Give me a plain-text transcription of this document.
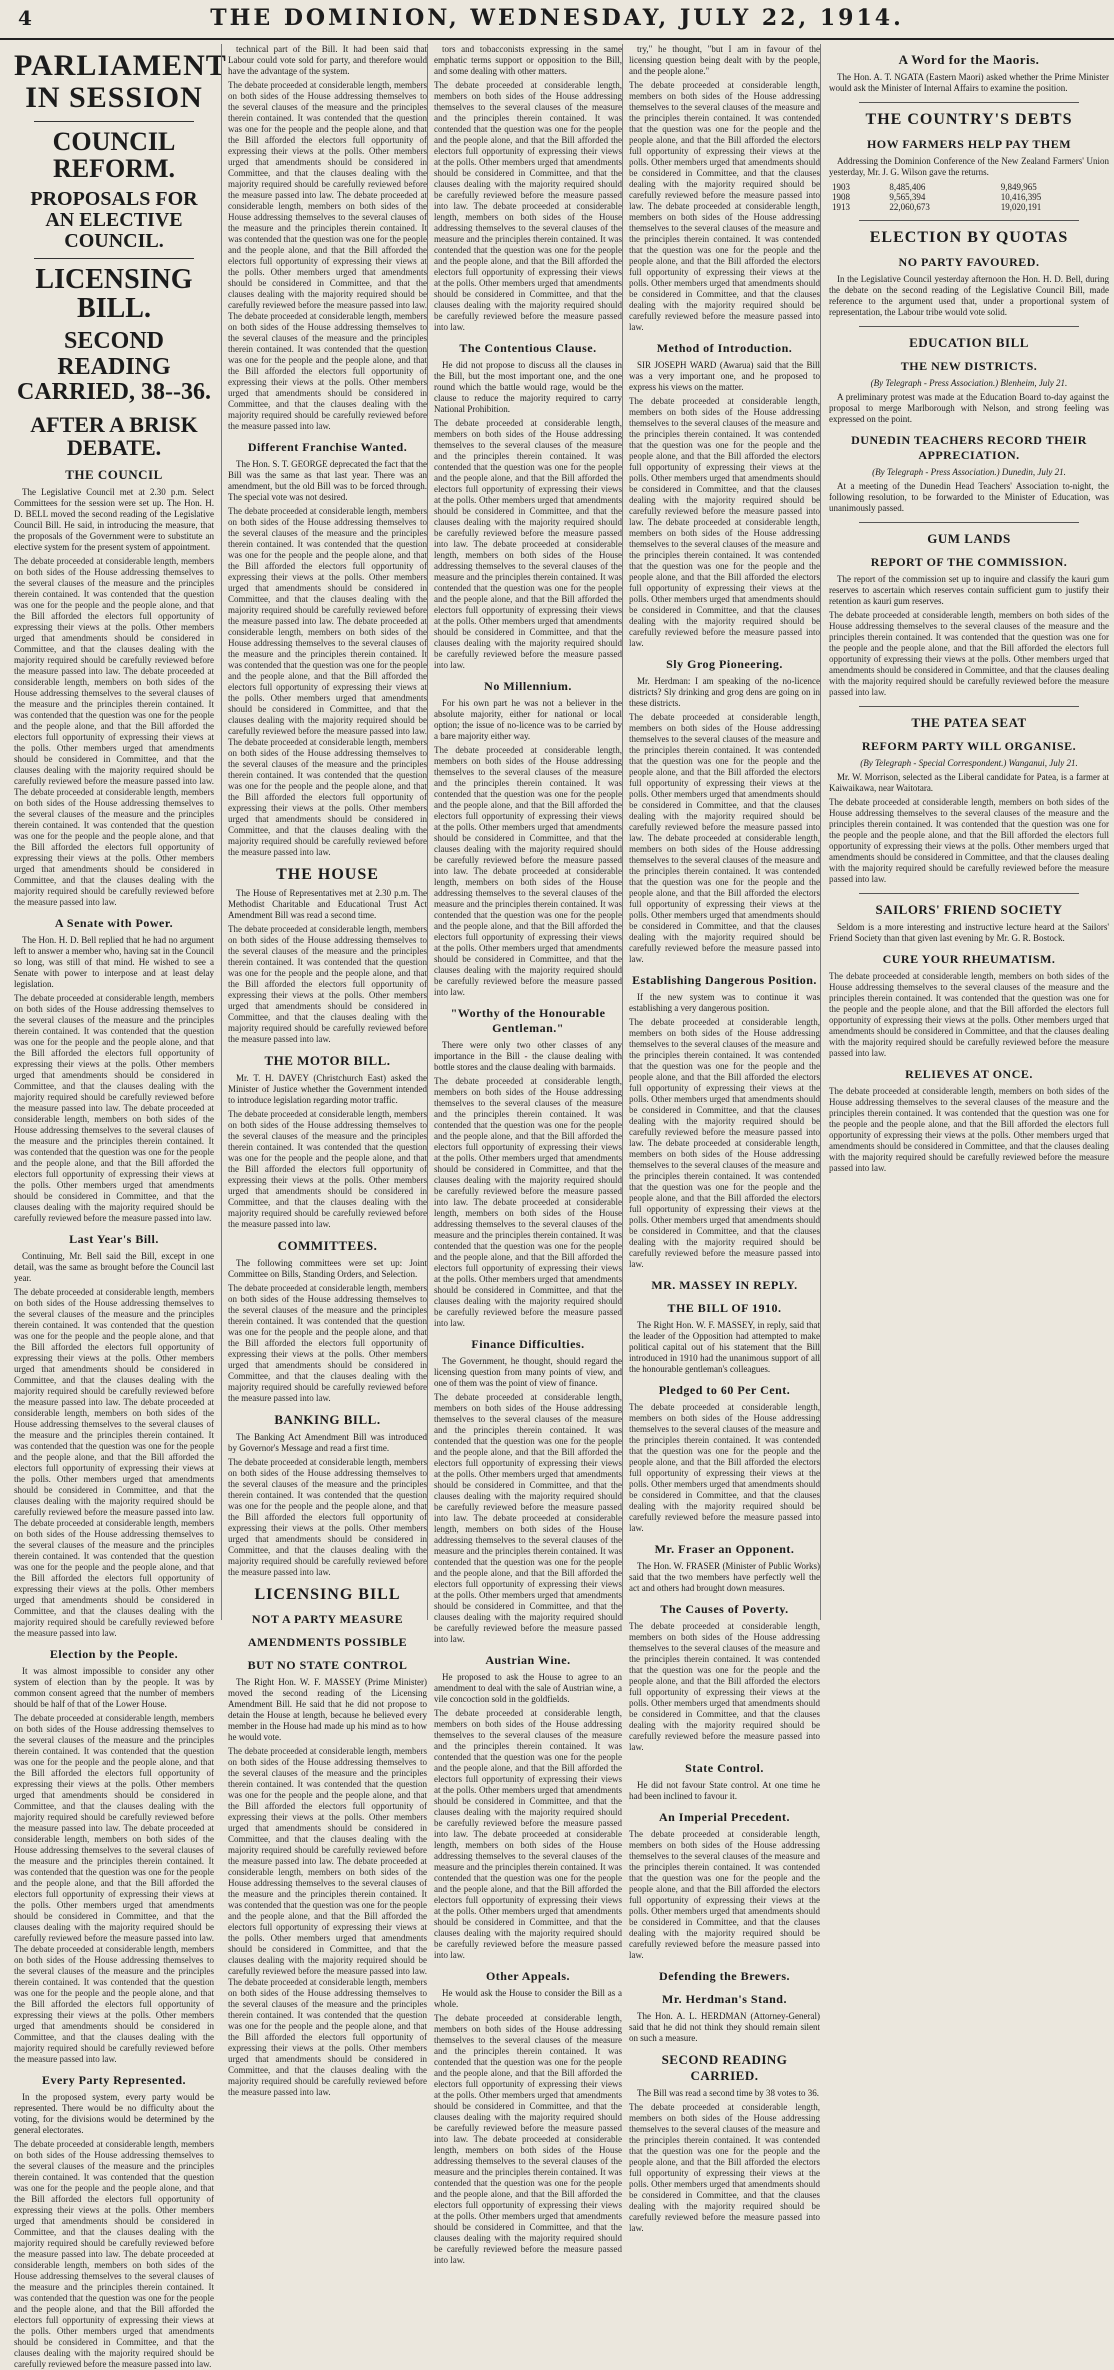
4	THE DOMINION, WEDNESDAY, JULY 22, 1914.
PARLIAMENT IN SESSION
COUNCIL REFORM.
PROPOSALS FOR AN ELECTIVE COUNCIL.
LICENSING BILL.
SECOND READING CARRIED, 38--36.
AFTER A BRISK DEBATE.
THE COUNCIL

The Legislative Council met at 2.30 p.m. Select Committees for the session were set up. The Hon. H. D. BELL moved the second reading of the Legislative Council Bill. He said, in introducing the measure, that the proposals of the Government were to substitute an elective system for the present system of appointment.

The debate proceeded at considerable length, members on both sides of the House addressing themselves to the several clauses of the measure and the principles therein contained. It was contended that the question was one for the people and the people alone, and that the Bill afforded the electors full opportunity of expressing their views at the polls. Other members urged that amendments should be considered in Committee, and that the clauses dealing with the majority required should be carefully reviewed before the measure passed into law. The debate proceeded at considerable length, members on both sides of the House addressing themselves to the several clauses of the measure and the principles therein contained. It was contended that the question was one for the people and the people alone, and that the Bill afforded the electors full opportunity of expressing their views at the polls. Other members urged that amendments should be considered in Committee, and that the clauses dealing with the majority required should be carefully reviewed before the measure passed into law. The debate proceeded at considerable length, members on both sides of the House addressing themselves to the several clauses of the measure and the principles therein contained. It was contended that the question was one for the people and the people alone, and that the Bill afforded the electors full opportunity of expressing their views at the polls. Other members urged that amendments should be considered in Committee, and that the clauses dealing with the majority required should be carefully reviewed before the measure passed into law.
A Senate with Power.

The Hon. H. D. Bell replied that he had no argument left to answer a member who, having sat in the Council so long, was still of that mind. He wished to see a Senate with power to interpose and at least delay legislation.

The debate proceeded at considerable length, members on both sides of the House addressing themselves to the several clauses of the measure and the principles therein contained. It was contended that the question was one for the people and the people alone, and that the Bill afforded the electors full opportunity of expressing their views at the polls. Other members urged that amendments should be considered in Committee, and that the clauses dealing with the majority required should be carefully reviewed before the measure passed into law. The debate proceeded at considerable length, members on both sides of the House addressing themselves to the several clauses of the measure and the principles therein contained. It was contended that the question was one for the people and the people alone, and that the Bill afforded the electors full opportunity of expressing their views at the polls. Other members urged that amendments should be considered in Committee, and that the clauses dealing with the majority required should be carefully reviewed before the measure passed into law.
Last Year's Bill.

Continuing, Mr. Bell said the Bill, except in one detail, was the same as brought before the Council last year.

The debate proceeded at considerable length, members on both sides of the House addressing themselves to the several clauses of the measure and the principles therein contained. It was contended that the question was one for the people and the people alone, and that the Bill afforded the electors full opportunity of expressing their views at the polls. Other members urged that amendments should be considered in Committee, and that the clauses dealing with the majority required should be carefully reviewed before the measure passed into law. The debate proceeded at considerable length, members on both sides of the House addressing themselves to the several clauses of the measure and the principles therein contained. It was contended that the question was one for the people and the people alone, and that the Bill afforded the electors full opportunity of expressing their views at the polls. Other members urged that amendments should be considered in Committee, and that the clauses dealing with the majority required should be carefully reviewed before the measure passed into law. The debate proceeded at considerable length, members on both sides of the House addressing themselves to the several clauses of the measure and the principles therein contained. It was contended that the question was one for the people and the people alone, and that the Bill afforded the electors full opportunity of expressing their views at the polls. Other members urged that amendments should be considered in Committee, and that the clauses dealing with the majority required should be carefully reviewed before the measure passed into law.
Election by the People.

It was almost impossible to consider any other system of election than by the people. It was by common consent agreed that the number of members should be half of that of the Lower House.

The debate proceeded at considerable length, members on both sides of the House addressing themselves to the several clauses of the measure and the principles therein contained. It was contended that the question was one for the people and the people alone, and that the Bill afforded the electors full opportunity of expressing their views at the polls. Other members urged that amendments should be considered in Committee, and that the clauses dealing with the majority required should be carefully reviewed before the measure passed into law. The debate proceeded at considerable length, members on both sides of the House addressing themselves to the several clauses of the measure and the principles therein contained. It was contended that the question was one for the people and the people alone, and that the Bill afforded the electors full opportunity of expressing their views at the polls. Other members urged that amendments should be considered in Committee, and that the clauses dealing with the majority required should be carefully reviewed before the measure passed into law. The debate proceeded at considerable length, members on both sides of the House addressing themselves to the several clauses of the measure and the principles therein contained. It was contended that the question was one for the people and the people alone, and that the Bill afforded the electors full opportunity of expressing their views at the polls. Other members urged that amendments should be considered in Committee, and that the clauses dealing with the majority required should be carefully reviewed before the measure passed into law.
Every Party Represented.

In the proposed system, every party would be represented. There would be no difficulty about the voting, for the divisions would be determined by the general electorates.

The debate proceeded at considerable length, members on both sides of the House addressing themselves to the several clauses of the measure and the principles therein contained. It was contended that the question was one for the people and the people alone, and that the Bill afforded the electors full opportunity of expressing their views at the polls. Other members urged that amendments should be considered in Committee, and that the clauses dealing with the majority required should be carefully reviewed before the measure passed into law. The debate proceeded at considerable length, members on both sides of the House addressing themselves to the several clauses of the measure and the principles therein contained. It was contended that the question was one for the people and the people alone, and that the Bill afforded the electors full opportunity of expressing their views at the polls. Other members urged that amendments should be considered in Committee, and that the clauses dealing with the majority required should be carefully reviewed before the measure passed into law.

technical part of the Bill. It had been said that Labour could vote sold for party, and therefore would have the advantage of the system.

The debate proceeded at considerable length, members on both sides of the House addressing themselves to the several clauses of the measure and the principles therein contained. It was contended that the question was one for the people and the people alone, and that the Bill afforded the electors full opportunity of expressing their views at the polls. Other members urged that amendments should be considered in Committee, and that the clauses dealing with the majority required should be carefully reviewed before the measure passed into law. The debate proceeded at considerable length, members on both sides of the House addressing themselves to the several clauses of the measure and the principles therein contained. It was contended that the question was one for the people and the people alone, and that the Bill afforded the electors full opportunity of expressing their views at the polls. Other members urged that amendments should be considered in Committee, and that the clauses dealing with the majority required should be carefully reviewed before the measure passed into law. The debate proceeded at considerable length, members on both sides of the House addressing themselves to the several clauses of the measure and the principles therein contained. It was contended that the question was one for the people and the people alone, and that the Bill afforded the electors full opportunity of expressing their views at the polls. Other members urged that amendments should be considered in Committee, and that the clauses dealing with the majority required should be carefully reviewed before the measure passed into law.
Different Franchise Wanted.

The Hon. S. T. GEORGE deprecated the fact that the Bill was the same as that last year. There was an amendment, but the old Bill was to be forced through. The special vote was not desired.

The debate proceeded at considerable length, members on both sides of the House addressing themselves to the several clauses of the measure and the principles therein contained. It was contended that the question was one for the people and the people alone, and that the Bill afforded the electors full opportunity of expressing their views at the polls. Other members urged that amendments should be considered in Committee, and that the clauses dealing with the majority required should be carefully reviewed before the measure passed into law. The debate proceeded at considerable length, members on both sides of the House addressing themselves to the several clauses of the measure and the principles therein contained. It was contended that the question was one for the people and the people alone, and that the Bill afforded the electors full opportunity of expressing their views at the polls. Other members urged that amendments should be considered in Committee, and that the clauses dealing with the majority required should be carefully reviewed before the measure passed into law. The debate proceeded at considerable length, members on both sides of the House addressing themselves to the several clauses of the measure and the principles therein contained. It was contended that the question was one for the people and the people alone, and that the Bill afforded the electors full opportunity of expressing their views at the polls. Other members urged that amendments should be considered in Committee, and that the clauses dealing with the majority required should be carefully reviewed before the measure passed into law.
THE HOUSE

The House of Representatives met at 2.30 p.m. The Methodist Charitable and Educational Trust Act Amendment Bill was read a second time.

The debate proceeded at considerable length, members on both sides of the House addressing themselves to the several clauses of the measure and the principles therein contained. It was contended that the question was one for the people and the people alone, and that the Bill afforded the electors full opportunity of expressing their views at the polls. Other members urged that amendments should be considered in Committee, and that the clauses dealing with the majority required should be carefully reviewed before the measure passed into law.
THE MOTOR BILL.

Mr. T. H. DAVEY (Christchurch East) asked the Minister of Justice whether the Government intended to introduce legislation regarding motor traffic.

The debate proceeded at considerable length, members on both sides of the House addressing themselves to the several clauses of the measure and the principles therein contained. It was contended that the question was one for the people and the people alone, and that the Bill afforded the electors full opportunity of expressing their views at the polls. Other members urged that amendments should be considered in Committee, and that the clauses dealing with the majority required should be carefully reviewed before the measure passed into law.
COMMITTEES.

The following committees were set up: Joint Committee on Bills, Standing Orders, and Selection.

The debate proceeded at considerable length, members on both sides of the House addressing themselves to the several clauses of the measure and the principles therein contained. It was contended that the question was one for the people and the people alone, and that the Bill afforded the electors full opportunity of expressing their views at the polls. Other members urged that amendments should be considered in Committee, and that the clauses dealing with the majority required should be carefully reviewed before the measure passed into law.
BANKING BILL.

The Banking Act Amendment Bill was introduced by Governor's Message and read a first time.

The debate proceeded at considerable length, members on both sides of the House addressing themselves to the several clauses of the measure and the principles therein contained. It was contended that the question was one for the people and the people alone, and that the Bill afforded the electors full opportunity of expressing their views at the polls. Other members urged that amendments should be considered in Committee, and that the clauses dealing with the majority required should be carefully reviewed before the measure passed into law.
LICENSING BILL
NOT A PARTY MEASURE
AMENDMENTS POSSIBLE
BUT NO STATE CONTROL

The Right Hon. W. F. MASSEY (Prime Minister) moved the second reading of the Licensing Amendment Bill. He said that he did not propose to detain the House at length, because he believed every member in the House had made up his mind as to how he would vote.

The debate proceeded at considerable length, members on both sides of the House addressing themselves to the several clauses of the measure and the principles therein contained. It was contended that the question was one for the people and the people alone, and that the Bill afforded the electors full opportunity of expressing their views at the polls. Other members urged that amendments should be considered in Committee, and that the clauses dealing with the majority required should be carefully reviewed before the measure passed into law. The debate proceeded at considerable length, members on both sides of the House addressing themselves to the several clauses of the measure and the principles therein contained. It was contended that the question was one for the people and the people alone, and that the Bill afforded the electors full opportunity of expressing their views at the polls. Other members urged that amendments should be considered in Committee, and that the clauses dealing with the majority required should be carefully reviewed before the measure passed into law. The debate proceeded at considerable length, members on both sides of the House addressing themselves to the several clauses of the measure and the principles therein contained. It was contended that the question was one for the people and the people alone, and that the Bill afforded the electors full opportunity of expressing their views at the polls. Other members urged that amendments should be considered in Committee, and that the clauses dealing with the majority required should be carefully reviewed before the measure passed into law.

tors and tobacconists expressing in the same emphatic terms support or opposition to the Bill, and some dealing with other matters.

The debate proceeded at considerable length, members on both sides of the House addressing themselves to the several clauses of the measure and the principles therein contained. It was contended that the question was one for the people and the people alone, and that the Bill afforded the electors full opportunity of expressing their views at the polls. Other members urged that amendments should be considered in Committee, and that the clauses dealing with the majority required should be carefully reviewed before the measure passed into law. The debate proceeded at considerable length, members on both sides of the House addressing themselves to the several clauses of the measure and the principles therein contained. It was contended that the question was one for the people and the people alone, and that the Bill afforded the electors full opportunity of expressing their views at the polls. Other members urged that amendments should be considered in Committee, and that the clauses dealing with the majority required should be carefully reviewed before the measure passed into law.
The Contentious Clause.

He did not propose to discuss all the clauses in the Bill, but the most important one, and the one round which the battle would rage, would be the clause to reduce the majority required to carry National Prohibition.

The debate proceeded at considerable length, members on both sides of the House addressing themselves to the several clauses of the measure and the principles therein contained. It was contended that the question was one for the people and the people alone, and that the Bill afforded the electors full opportunity of expressing their views at the polls. Other members urged that amendments should be considered in Committee, and that the clauses dealing with the majority required should be carefully reviewed before the measure passed into law. The debate proceeded at considerable length, members on both sides of the House addressing themselves to the several clauses of the measure and the principles therein contained. It was contended that the question was one for the people and the people alone, and that the Bill afforded the electors full opportunity of expressing their views at the polls. Other members urged that amendments should be considered in Committee, and that the clauses dealing with the majority required should be carefully reviewed before the measure passed into law.
No Millennium.

For his own part he was not a believer in the absolute majority, either for national or local option; the issue of no-licence was to be carried by a bare majority either way.

The debate proceeded at considerable length, members on both sides of the House addressing themselves to the several clauses of the measure and the principles therein contained. It was contended that the question was one for the people and the people alone, and that the Bill afforded the electors full opportunity of expressing their views at the polls. Other members urged that amendments should be considered in Committee, and that the clauses dealing with the majority required should be carefully reviewed before the measure passed into law. The debate proceeded at considerable length, members on both sides of the House addressing themselves to the several clauses of the measure and the principles therein contained. It was contended that the question was one for the people and the people alone, and that the Bill afforded the electors full opportunity of expressing their views at the polls. Other members urged that amendments should be considered in Committee, and that the clauses dealing with the majority required should be carefully reviewed before the measure passed into law.
"Worthy of the Honourable Gentleman."

There were only two other classes of any importance in the Bill - the clause dealing with bottle stores and the clause dealing with barmaids.

The debate proceeded at considerable length, members on both sides of the House addressing themselves to the several clauses of the measure and the principles therein contained. It was contended that the question was one for the people and the people alone, and that the Bill afforded the electors full opportunity of expressing their views at the polls. Other members urged that amendments should be considered in Committee, and that the clauses dealing with the majority required should be carefully reviewed before the measure passed into law. The debate proceeded at considerable length, members on both sides of the House addressing themselves to the several clauses of the measure and the principles therein contained. It was contended that the question was one for the people and the people alone, and that the Bill afforded the electors full opportunity of expressing their views at the polls. Other members urged that amendments should be considered in Committee, and that the clauses dealing with the majority required should be carefully reviewed before the measure passed into law.
Finance Difficulties.

The Government, he thought, should regard the licensing question from many points of view, and one of them was the point of view of finance.

The debate proceeded at considerable length, members on both sides of the House addressing themselves to the several clauses of the measure and the principles therein contained. It was contended that the question was one for the people and the people alone, and that the Bill afforded the electors full opportunity of expressing their views at the polls. Other members urged that amendments should be considered in Committee, and that the clauses dealing with the majority required should be carefully reviewed before the measure passed into law. The debate proceeded at considerable length, members on both sides of the House addressing themselves to the several clauses of the measure and the principles therein contained. It was contended that the question was one for the people and the people alone, and that the Bill afforded the electors full opportunity of expressing their views at the polls. Other members urged that amendments should be considered in Committee, and that the clauses dealing with the majority required should be carefully reviewed before the measure passed into law.
Austrian Wine.

He proposed to ask the House to agree to an amendment to deal with the sale of Austrian wine, a vile concoction sold in the goldfields.

The debate proceeded at considerable length, members on both sides of the House addressing themselves to the several clauses of the measure and the principles therein contained. It was contended that the question was one for the people and the people alone, and that the Bill afforded the electors full opportunity of expressing their views at the polls. Other members urged that amendments should be considered in Committee, and that the clauses dealing with the majority required should be carefully reviewed before the measure passed into law. The debate proceeded at considerable length, members on both sides of the House addressing themselves to the several clauses of the measure and the principles therein contained. It was contended that the question was one for the people and the people alone, and that the Bill afforded the electors full opportunity of expressing their views at the polls. Other members urged that amendments should be considered in Committee, and that the clauses dealing with the majority required should be carefully reviewed before the measure passed into law.
Other Appeals.

He would ask the House to consider the Bill as a whole.

The debate proceeded at considerable length, members on both sides of the House addressing themselves to the several clauses of the measure and the principles therein contained. It was contended that the question was one for the people and the people alone, and that the Bill afforded the electors full opportunity of expressing their views at the polls. Other members urged that amendments should be considered in Committee, and that the clauses dealing with the majority required should be carefully reviewed before the measure passed into law. The debate proceeded at considerable length, members on both sides of the House addressing themselves to the several clauses of the measure and the principles therein contained. It was contended that the question was one for the people and the people alone, and that the Bill afforded the electors full opportunity of expressing their views at the polls. Other members urged that amendments should be considered in Committee, and that the clauses dealing with the majority required should be carefully reviewed before the measure passed into law.

try," he thought, "but I am in favour of the licensing question being dealt with by the people, and the people alone."

The debate proceeded at considerable length, members on both sides of the House addressing themselves to the several clauses of the measure and the principles therein contained. It was contended that the question was one for the people and the people alone, and that the Bill afforded the electors full opportunity of expressing their views at the polls. Other members urged that amendments should be considered in Committee, and that the clauses dealing with the majority required should be carefully reviewed before the measure passed into law. The debate proceeded at considerable length, members on both sides of the House addressing themselves to the several clauses of the measure and the principles therein contained. It was contended that the question was one for the people and the people alone, and that the Bill afforded the electors full opportunity of expressing their views at the polls. Other members urged that amendments should be considered in Committee, and that the clauses dealing with the majority required should be carefully reviewed before the measure passed into law.
Method of Introduction.

SIR JOSEPH WARD (Awarua) said that the Bill was a very important one, and he proposed to express his views on the matter.

The debate proceeded at considerable length, members on both sides of the House addressing themselves to the several clauses of the measure and the principles therein contained. It was contended that the question was one for the people and the people alone, and that the Bill afforded the electors full opportunity of expressing their views at the polls. Other members urged that amendments should be considered in Committee, and that the clauses dealing with the majority required should be carefully reviewed before the measure passed into law. The debate proceeded at considerable length, members on both sides of the House addressing themselves to the several clauses of the measure and the principles therein contained. It was contended that the question was one for the people and the people alone, and that the Bill afforded the electors full opportunity of expressing their views at the polls. Other members urged that amendments should be considered in Committee, and that the clauses dealing with the majority required should be carefully reviewed before the measure passed into law.
Sly Grog Pioneering.

Mr. Herdman: I am speaking of the no-licence districts? Sly drinking and grog dens are going on in these districts.

The debate proceeded at considerable length, members on both sides of the House addressing themselves to the several clauses of the measure and the principles therein contained. It was contended that the question was one for the people and the people alone, and that the Bill afforded the electors full opportunity of expressing their views at the polls. Other members urged that amendments should be considered in Committee, and that the clauses dealing with the majority required should be carefully reviewed before the measure passed into law. The debate proceeded at considerable length, members on both sides of the House addressing themselves to the several clauses of the measure and the principles therein contained. It was contended that the question was one for the people and the people alone, and that the Bill afforded the electors full opportunity of expressing their views at the polls. Other members urged that amendments should be considered in Committee, and that the clauses dealing with the majority required should be carefully reviewed before the measure passed into law.
Establishing Dangerous Position.

If the new system was to continue it was establishing a very dangerous position.

The debate proceeded at considerable length, members on both sides of the House addressing themselves to the several clauses of the measure and the principles therein contained. It was contended that the question was one for the people and the people alone, and that the Bill afforded the electors full opportunity of expressing their views at the polls. Other members urged that amendments should be considered in Committee, and that the clauses dealing with the majority required should be carefully reviewed before the measure passed into law. The debate proceeded at considerable length, members on both sides of the House addressing themselves to the several clauses of the measure and the principles therein contained. It was contended that the question was one for the people and the people alone, and that the Bill afforded the electors full opportunity of expressing their views at the polls. Other members urged that amendments should be considered in Committee, and that the clauses dealing with the majority required should be carefully reviewed before the measure passed into law.
MR. MASSEY IN REPLY.
THE BILL OF 1910.

The Right Hon. W. F. MASSEY, in reply, said that the leader of the Opposition had attempted to make political capital out of his statement that the Bill introduced in 1910 had the unanimous support of all the honourable gentleman's colleagues.

Pledged to 60 Per Cent.
The debate proceeded at considerable length, members on both sides of the House addressing themselves to the several clauses of the measure and the principles therein contained. It was contended that the question was one for the people and the people alone, and that the Bill afforded the electors full opportunity of expressing their views at the polls. Other members urged that amendments should be considered in Committee, and that the clauses dealing with the majority required should be carefully reviewed before the measure passed into law.
Mr. Fraser an Opponent.

The Hon. W. FRASER (Minister of Public Works) said that the two members have perfectly well the act and others had brought down measures.

The Causes of Poverty.
The debate proceeded at considerable length, members on both sides of the House addressing themselves to the several clauses of the measure and the principles therein contained. It was contended that the question was one for the people and the people alone, and that the Bill afforded the electors full opportunity of expressing their views at the polls. Other members urged that amendments should be considered in Committee, and that the clauses dealing with the majority required should be carefully reviewed before the measure passed into law.
State Control.

He did not favour State control. At one time he had been inclined to favour it.

An Imperial Precedent.
The debate proceeded at considerable length, members on both sides of the House addressing themselves to the several clauses of the measure and the principles therein contained. It was contended that the question was one for the people and the people alone, and that the Bill afforded the electors full opportunity of expressing their views at the polls. Other members urged that amendments should be considered in Committee, and that the clauses dealing with the majority required should be carefully reviewed before the measure passed into law.
Defending the Brewers.
Mr. Herdman's Stand.

The Hon. A. L. HERDMAN (Attorney-General) said that he did not think they should remain silent on such a measure.

SECOND READING CARRIED.

The Bill was read a second time by 38 votes to 36.

The debate proceeded at considerable length, members on both sides of the House addressing themselves to the several clauses of the measure and the principles therein contained. It was contended that the question was one for the people and the people alone, and that the Bill afforded the electors full opportunity of expressing their views at the polls. Other members urged that amendments should be considered in Committee, and that the clauses dealing with the majority required should be carefully reviewed before the measure passed into law.
A Word for the Maoris.

The Hon. A. T. NGATA (Eastern Maori) asked whether the Prime Minister would ask the Minister of Internal Affairs to examine the position.

THE COUNTRY'S DEBTS
HOW FARMERS HELP PAY THEM

Addressing the Dominion Conference of the New Zealand Farmers' Union yesterday, Mr. J. G. Wilson gave the returns.

1903	8,485,406	9,849,965
1908	9,565,394	10,416,395
1913	22,060,673	19,020,191
ELECTION BY QUOTAS
NO PARTY FAVOURED.

In the Legislative Council yesterday afternoon the Hon. H. D. Bell, during the debate on the second reading of the Legislative Council Bill, made reference to the argument used that, under a proportional system of representation, the Labour tribe would vote solid.

EDUCATION BILL
THE NEW DISTRICTS.
(By Telegraph - Press Association.) Blenheim, July 21.

A preliminary protest was made at the Education Board to-day against the proposal to merge Marlborough with Nelson, and strong feeling was expressed on the point.

DUNEDIN TEACHERS RECORD THEIR APPRECIATION.
(By Telegraph - Press Association.) Dunedin, July 21.

At a meeting of the Dunedin Head Teachers' Association to-night, the following resolution, to be forwarded to the Minister of Education, was unanimously passed.

GUM LANDS
REPORT OF THE COMMISSION.

The report of the commission set up to inquire and classify the kauri gum reserves to ascertain which reserves contain sufficient gum to justify their retention as kauri gum reserves.

The debate proceeded at considerable length, members on both sides of the House addressing themselves to the several clauses of the measure and the principles therein contained. It was contended that the question was one for the people and the people alone, and that the Bill afforded the electors full opportunity of expressing their views at the polls. Other members urged that amendments should be considered in Committee, and that the clauses dealing with the majority required should be carefully reviewed before the measure passed into law.
THE PATEA SEAT
REFORM PARTY WILL ORGANISE.
(By Telegraph - Special Correspondent.) Wanganui, July 21.

Mr. W. Morrison, selected as the Liberal candidate for Patea, is a farmer at Kaiwaikawa, near Waitotara.

The debate proceeded at considerable length, members on both sides of the House addressing themselves to the several clauses of the measure and the principles therein contained. It was contended that the question was one for the people and the people alone, and that the Bill afforded the electors full opportunity of expressing their views at the polls. Other members urged that amendments should be considered in Committee, and that the clauses dealing with the majority required should be carefully reviewed before the measure passed into law.
SAILORS' FRIEND SOCIETY

Seldom is a more interesting and instructive lecture heard at the Sailors' Friend Society than that given last evening by Mr. G. R. Bostock.

CURE YOUR RHEUMATISM.
The debate proceeded at considerable length, members on both sides of the House addressing themselves to the several clauses of the measure and the principles therein contained. It was contended that the question was one for the people and the people alone, and that the Bill afforded the electors full opportunity of expressing their views at the polls. Other members urged that amendments should be considered in Committee, and that the clauses dealing with the majority required should be carefully reviewed before the measure passed into law.
RELIEVES AT ONCE.
The debate proceeded at considerable length, members on both sides of the House addressing themselves to the several clauses of the measure and the principles therein contained. It was contended that the question was one for the people and the people alone, and that the Bill afforded the electors full opportunity of expressing their views at the polls. Other members urged that amendments should be considered in Committee, and that the clauses dealing with the majority required should be carefully reviewed before the measure passed into law.
